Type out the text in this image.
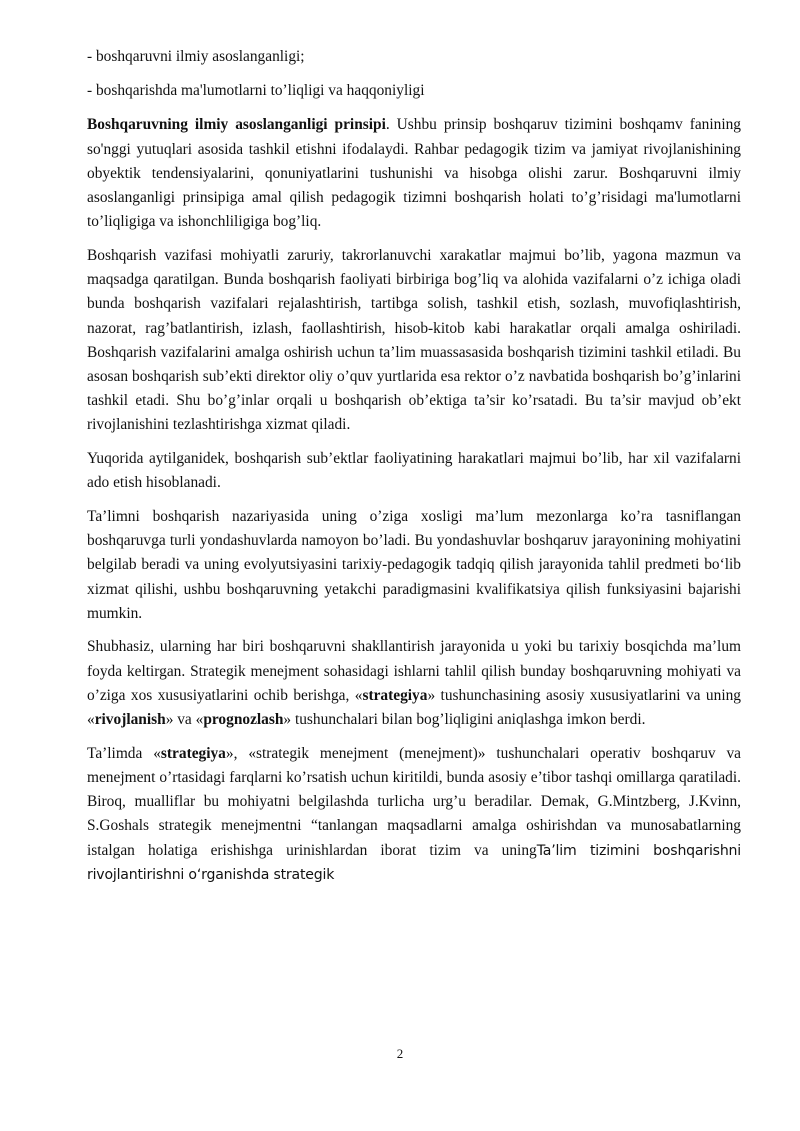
- boshqaruvni ilmiy asoslanganligi;

- boshqarishda ma'lumotlarni to’liqligi va haqqoniyligi

Boshqaruvning ilmiy asoslanganligi prinsipi. Ushbu prinsip boshqaruv tizimini boshqamv fanining so'nggi yutuqlari asosida tashkil etishni ifodalaydi. Rahbar pedagogik tizim va jamiyat rivojlanishining obyektik tendensiyalarini, qonuniyatlarini tushunishi va hisobga olishi zarur. Boshqaruvni ilmiy asoslanganligi prinsipiga amal qilish pedagogik tizimni boshqarish holati to’g’risidagi ma'lumotlarni to’liqligiga va ishonchliligiga bog’liq.

Boshqarish vazifasi mohiyatli zaruriy, takrorlanuvchi xarakatlar majmui bo’lib, yagona mazmun va maqsadga qaratilgan. Bunda boshqarish faoliyati birbiriga bog’liq va alohida vazifalarni o’z ichiga oladi bunda boshqarish vazifalari rejalashtirish, tartibga solish, tashkil etish, sozlash, muvofiqlashtirish, nazorat, rag’batlantirish, izlash, faollashtirish, hisob-kitob kabi harakatlar orqali amalga oshiriladi. Boshqarish vazifalarini amalga oshirish uchun ta’lim muassasasida boshqarish tizimini tashkil etiladi. Bu asosan boshqarish sub’ekti direktor oliy o’quv yurtlarida esa rektor o’z navbatida boshqarish bo’g’inlarini tashkil etadi. Shu bo’g’inlar orqali u boshqarish ob’ektiga ta’sir ko’rsatadi. Bu ta’sir mavjud ob’ekt rivojlanishini tezlashtirishga xizmat qiladi.

Yuqorida aytilganidek, boshqarish sub’ektlar faoliyatining harakatlari majmui bo’lib, har xil vazifalarni ado etish hisoblanadi.

Ta’limni boshqarish nazariyasida uning o’ziga xosligi ma’lum mezonlarga ko’ra tasniflangan boshqaruvga turli yondashuvlarda namoyon bo’ladi. Bu yondashuvlar boshqaruv jarayonining mohiyatini belgilab beradi va uning evolyutsiyasini tarixiy-pedagogik tadqiq qilish jarayonida tahlil predmeti bo‘lib xizmat qilishi, ushbu boshqaruvning yetakchi paradigmasini kvalifikatsiya qilish funksiyasini bajarishi mumkin.

Shubhasiz, ularning har biri boshqaruvni shakllantirish jarayonida u yoki bu tarixiy bosqichda ma’lum foyda keltirgan. Strategik menejment sohasidagi ishlarni tahlil qilish bunday boshqaruvning mohiyati va o’ziga xos xususiyatlarini ochib berishga, «strategiya» tushunchasining asosiy xususiyatlarini va uning «rivojlanish» va «prognozlash» tushunchalari bilan bog’liqligini aniqlashga imkon berdi.

Ta’limda «strategiya», «strategik menejment (menejment)» tushunchalari operativ boshqaruv va menejment o’rtasidagi farqlarni ko’rsatish uchun kiritildi, bunda asosiy e’tibor tashqi omillarga qaratiladi. Biroq, mualliflar bu mohiyatni belgilashda turlicha urg’u beradilar. Demak, G.Mintzberg, J.Kvinn, S.Goshals strategik menejmentni “tanlangan maqsadlarni amalga oshirishdan va munosabatlarning istalgan holatiga erishishga urinishlardan iborat tizim va uningTa’lim tizimini boshqarishni rivojlantirishni o‘rganishda strategik

2
